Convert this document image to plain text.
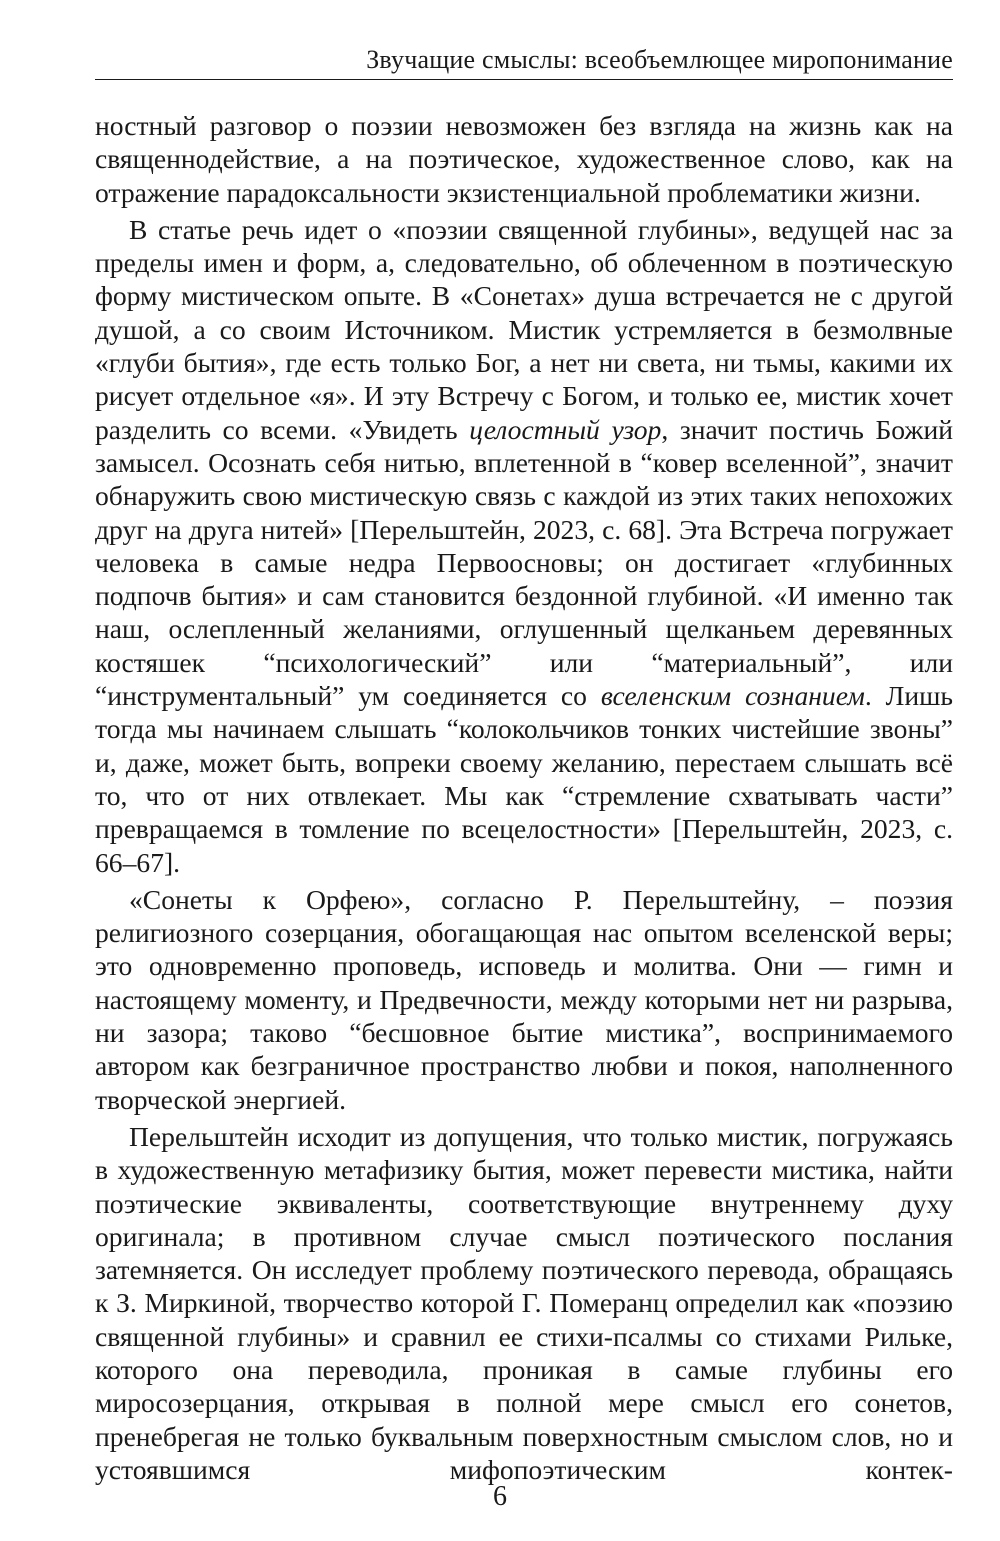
Звучащие смыслы: всеобъемлющее миропонимание

ностный разговор о поэзии невозможен без взгляда на жизнь как на священнодействие, а на поэтическое, художественное слово, как на отражение парадоксальности экзистенциальной проблематики жизни.

В статье речь идет о «поэзии священной глубины», ведущей нас за пределы имен и форм, а, следовательно, об облеченном в поэтическую форму мистическом опыте. В «Сонетах» душа встречается не с другой душой, а со своим Источником. Мистик устремляется в безмолвные «глуби бытия», где есть только Бог, а нет ни света, ни тьмы, какими их рисует отдельное «я». И эту Встречу с Богом, и только ее, мистик хочет разделить со всеми. «Увидеть целостный узор, значит постичь Божий замысел. Осознать себя нитью, вплетенной в “ковер вселенной”, значит обнаружить свою мистическую связь с каждой из этих таких непохожих друг на друга нитей» [Перельштейн, 2023, с. 68]. Эта Встреча погружает человека в самые недра Первоосновы; он достигает «глубинных подпочв бытия» и сам становится бездонной глубиной. «И именно так наш, ослепленный желаниями, оглушенный щелканьем деревянных костяшек “психологический” или “материальный”, или “инструментальный” ум соединяется со вселенским сознанием. Лишь тогда мы начинаем слышать “колокольчиков тонких чистейшие звоны” и, даже, может быть, вопреки своему желанию, перестаем слышать всё то, что от них отвлекает. Мы как “стремление схватывать части” превращаемся в томление по всецелостности» [Перельштейн, 2023, с. 66–67].

«Сонеты к Орфею», согласно Р. Перельштейну, – поэзия религиозного созерцания, обогащающая нас опытом вселенской веры; это одновременно проповедь, исповедь и молитва. Они — гимн и настоящему моменту, и Предвечности, между которыми нет ни разрыва, ни зазора; таково “бесшовное бытие мистика”, воспринимаемого автором как безграничное пространство любви и покоя, наполненного творческой энергией.

Перельштейн исходит из допущения, что только мистик, погружаясь в художественную метафизику бытия, может перевести мистика, найти поэтические эквиваленты, соответствующие внутреннему духу оригинала; в противном случае смысл поэтического послания затемняется. Он исследует проблему поэтического перевода, обращаясь к З. Миркиной, творчество которой Г. Померанц определил как «поэзию священной глубины» и сравнил ее стихи-псалмы со стихами Рильке, которого она переводила, проникая в самые глубины его миросозерцания, открывая в полной мере смысл его сонетов, пренебрегая не только буквальным поверхностным смыслом слов, но и устоявшимся мифопоэтическим контек-

6
